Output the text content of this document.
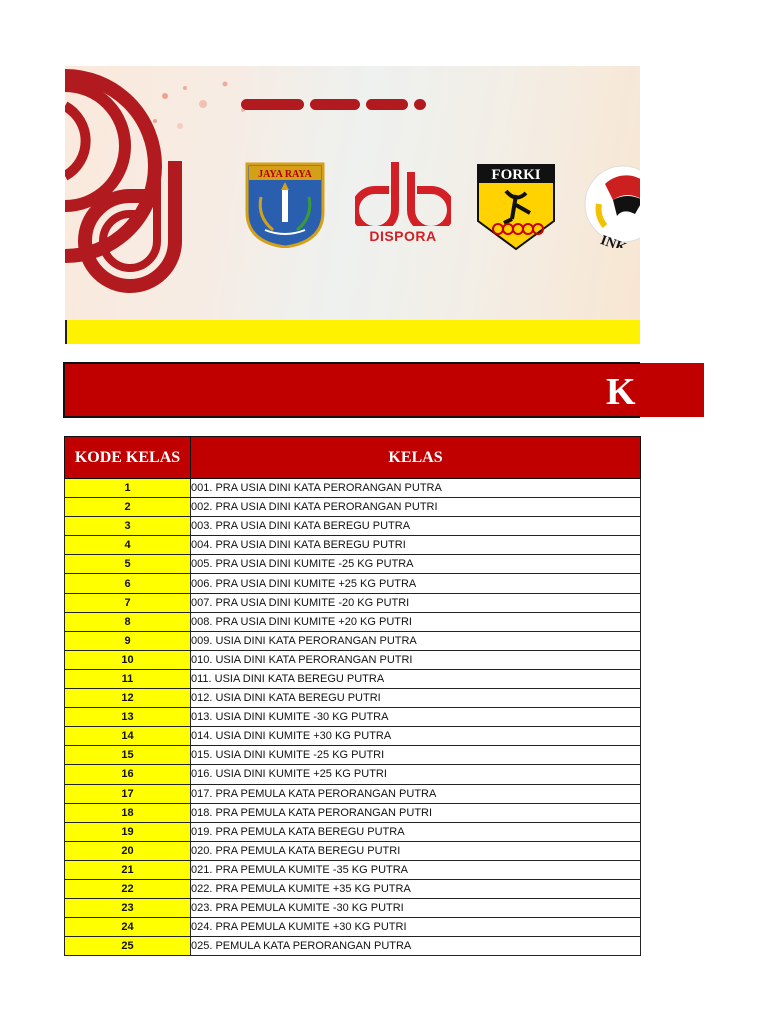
JAYA RAYA
DISPORA
FORKI
INK
K
KODE KELAS	KELAS
1	001. PRA USIA DINI KATA PERORANGAN PUTRA
2	002. PRA USIA DINI KATA PERORANGAN PUTRI
3	003. PRA USIA DINI KATA BEREGU PUTRA
4	004. PRA USIA DINI KATA BEREGU PUTRI
5	005. PRA USIA DINI KUMITE -25 KG PUTRA
6	006. PRA USIA DINI KUMITE +25 KG PUTRA
7	007. PRA USIA DINI KUMITE -20 KG PUTRI
8	008. PRA USIA DINI KUMITE +20 KG PUTRI
9	009. USIA DINI KATA PERORANGAN PUTRA
10	010. USIA DINI KATA PERORANGAN PUTRI
11	011. USIA DINI KATA BEREGU PUTRA
12	012. USIA DINI KATA BEREGU PUTRI
13	013. USIA DINI KUMITE -30 KG PUTRA
14	014. USIA DINI KUMITE +30 KG PUTRA
15	015. USIA DINI KUMITE -25 KG PUTRI
16	016. USIA DINI KUMITE +25 KG PUTRI
17	017. PRA PEMULA KATA PERORANGAN PUTRA
18	018. PRA PEMULA KATA PERORANGAN PUTRI
19	019. PRA PEMULA KATA BEREGU PUTRA
20	020. PRA PEMULA KATA BEREGU PUTRI
21	021. PRA PEMULA KUMITE -35 KG PUTRA
22	022. PRA PEMULA KUMITE +35 KG PUTRA
23	023. PRA PEMULA KUMITE -30 KG PUTRI
24	024. PRA PEMULA KUMITE +30 KG PUTRI
25	025. PEMULA KATA PERORANGAN PUTRA
